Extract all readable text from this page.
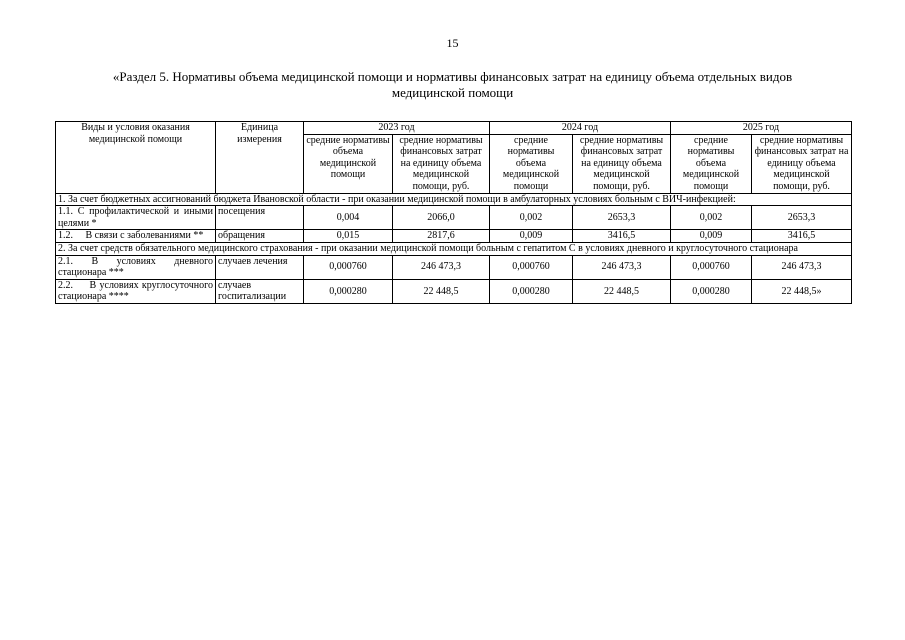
15
«Раздел 5. Нормативы объема медицинской помощи и нормативы финансовых затрат на единицу объема отдельных видов медицинской помощи
Виды и условия оказания медицинской помощи	Единица измерения	2023 год		2024 год		2025 год	
		средние нормативы объема медицинской помощи	средние нормативы финансовых затрат на единицу объема медицинской помощи, руб.	средние нормативы объема медицинской помощи	средние нормативы финансовых затрат на единицу объема медицинской помощи, руб.	средние нормативы объема медицинской помощи	средние нормативы финансовых затрат на единицу объема медицинской помощи, руб.
1. За счет бюджетных ассигнований бюджета Ивановской области - при оказании медицинской помощи в амбулаторных условиях больным с ВИЧ-инфекцией:							
1.1. С профилактической и иными целями *	посещения	0,004	2066,0	0,002	2653,3	0,002	2653,3
1.2.     В связи с заболеваниями **	обращения	0,015	2817,6	0,009	3416,5	0,009	3416,5
2. За счет средств обязательного медицинского страхования - при оказании медицинской помощи больным с гепатитом С в условиях дневного и круглосуточного стационара							
2.1. В условиях дневного стационара ***	случаев лечения	0,000760	246 473,3	0,000760	246 473,3	0,000760	246 473,3
2.2.     В условиях круглосуточного стационара ****	случаев госпитализации	0,000280	22 448,5	0,000280	22 448,5	0,000280	22 448,5»
